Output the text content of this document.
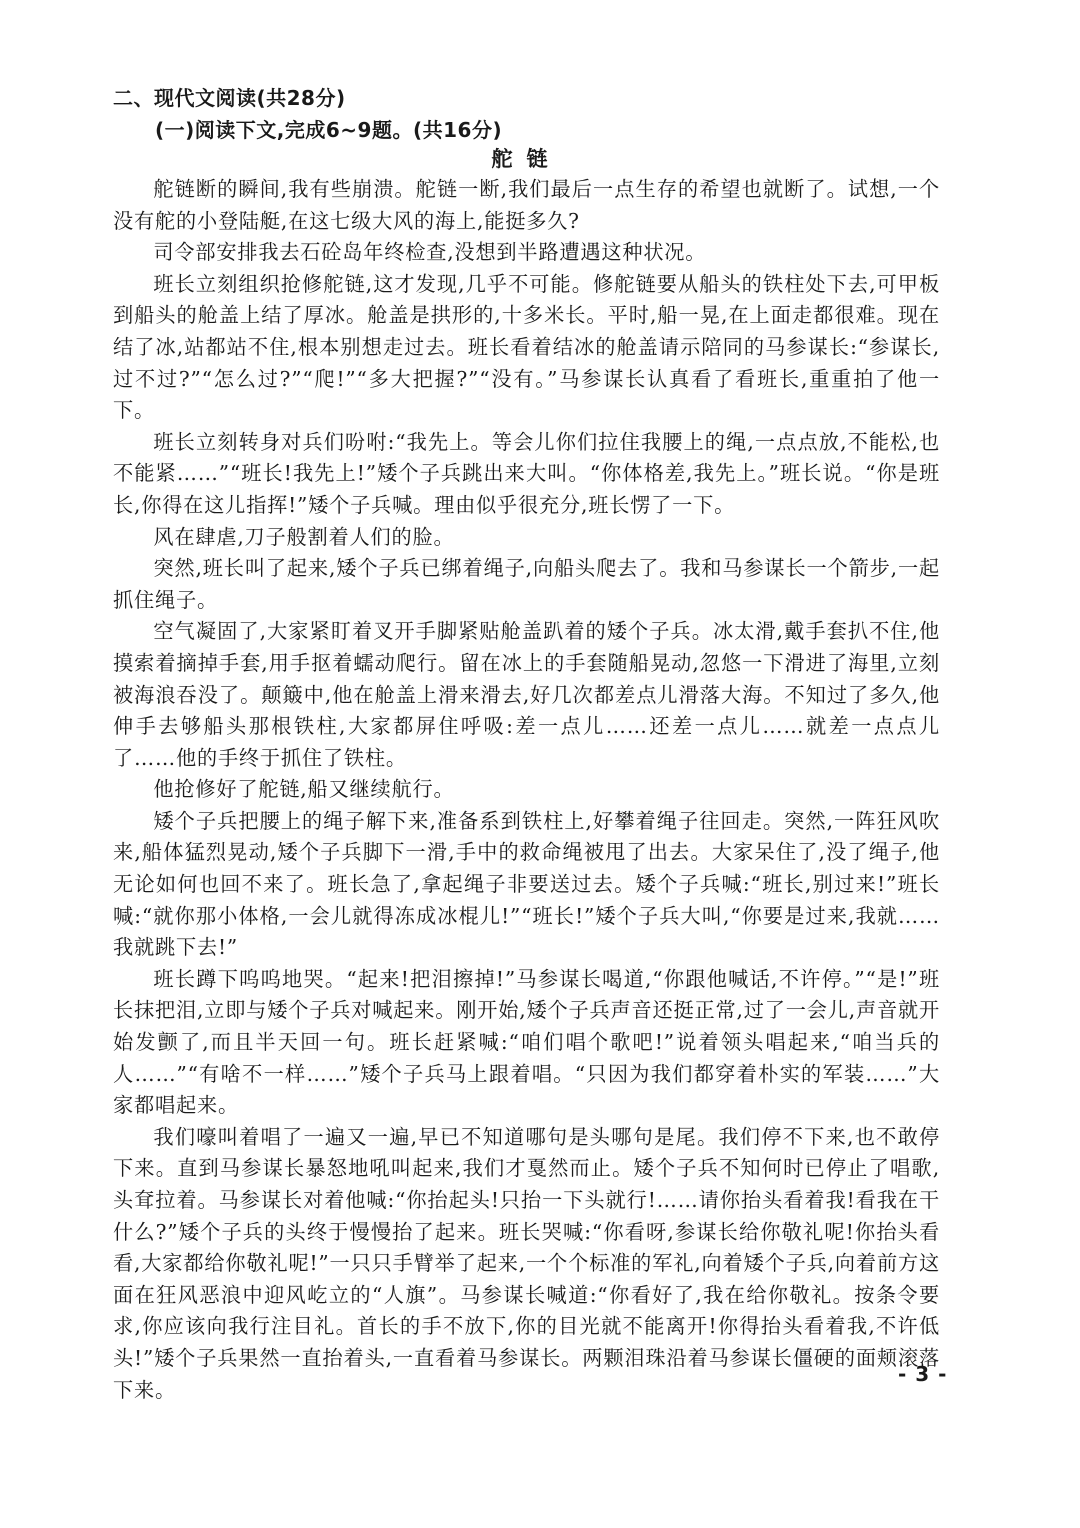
二、现代文阅读(共28分)
(一)阅读下文,完成6~9题。(共16分)
舵链

舵链断的瞬间,我有些崩溃。舵链一断,我们最后一点生存的希望也就断了。试想,一个没有舵的小登陆艇,在这七级大风的海上,能挺多久?

司令部安排我去石砼岛年终检查,没想到半路遭遇这种状况。

班长立刻组织抢修舵链,这才发现,几乎不可能。修舵链要从船头的铁柱处下去,可甲板到船头的舱盖上结了厚冰。舱盖是拱形的,十多米长。平时,船一晃,在上面走都很难。现在结了冰,站都站不住,根本别想走过去。班长看着结冰的舱盖请示陪同的马参谋长:“参谋长,过不过?”“怎么过?”“爬!”“多大把握?”“没有。”马参谋长认真看了看班长,重重拍了他一下。

班长立刻转身对兵们吩咐:“我先上。等会儿你们拉住我腰上的绳,一点点放,不能松,也不能紧……”“班长!我先上!”矮个子兵跳出来大叫。“你体格差,我先上。”班长说。“你是班长,你得在这儿指挥!”矮个子兵喊。理由似乎很充分,班长愣了一下。

风在肆虐,刀子般割着人们的脸。

突然,班长叫了起来,矮个子兵已绑着绳子,向船头爬去了。我和马参谋长一个箭步,一起抓住绳子。

空气凝固了,大家紧盯着叉开手脚紧贴舱盖趴着的矮个子兵。冰太滑,戴手套扒不住,他摸索着摘掉手套,用手抠着蠕动爬行。留在冰上的手套随船晃动,忽悠一下滑进了海里,立刻被海浪吞没了。颠簸中,他在舱盖上滑来滑去,好几次都差点儿滑落大海。不知过了多久,他伸手去够船头那根铁柱,大家都屏住呼吸:差一点儿……还差一点儿……就差一点点儿了……他的手终于抓住了铁柱。

他抢修好了舵链,船又继续航行。

矮个子兵把腰上的绳子解下来,准备系到铁柱上,好攀着绳子往回走。突然,一阵狂风吹来,船体猛烈晃动,矮个子兵脚下一滑,手中的救命绳被甩了出去。大家呆住了,没了绳子,他无论如何也回不来了。班长急了,拿起绳子非要送过去。矮个子兵喊:“班长,别过来!”班长喊:“就你那小体格,一会儿就得冻成冰棍儿!”“班长!”矮个子兵大叫,“你要是过来,我就……我就跳下去!”

班长蹲下呜呜地哭。“起来!把泪擦掉!”马参谋长喝道,“你跟他喊话,不许停。”“是!”班长抹把泪,立即与矮个子兵对喊起来。刚开始,矮个子兵声音还挺正常,过了一会儿,声音就开始发颤了,而且半天回一句。班长赶紧喊:“咱们唱个歌吧!”说着领头唱起来,“咱当兵的人……”“有啥不一样……”矮个子兵马上跟着唱。“只因为我们都穿着朴实的军装……”大家都唱起来。

我们嚎叫着唱了一遍又一遍,早已不知道哪句是头哪句是尾。我们停不下来,也不敢停下来。直到马参谋长暴怒地吼叫起来,我们才戛然而止。矮个子兵不知何时已停止了唱歌,头耷拉着。马参谋长对着他喊:“你抬起头!只抬一下头就行!……请你抬头看着我!看我在干什么?”矮个子兵的头终于慢慢抬了起来。班长哭喊:“你看呀,参谋长给你敬礼呢!你抬头看看,大家都给你敬礼呢!”一只只手臂举了起来,一个个标准的军礼,向着矮个子兵,向着前方这面在狂风恶浪中迎风屹立的“人旗”。马参谋长喊道:“你看好了,我在给你敬礼。按条令要求,你应该向我行注目礼。首长的手不放下,你的目光就不能离开!你得抬头看着我,不许低头!”矮个子兵果然一直抬着头,一直看着马参谋长。两颗泪珠沿着马参谋长僵硬的面颊滚落下来。

- 3 -
